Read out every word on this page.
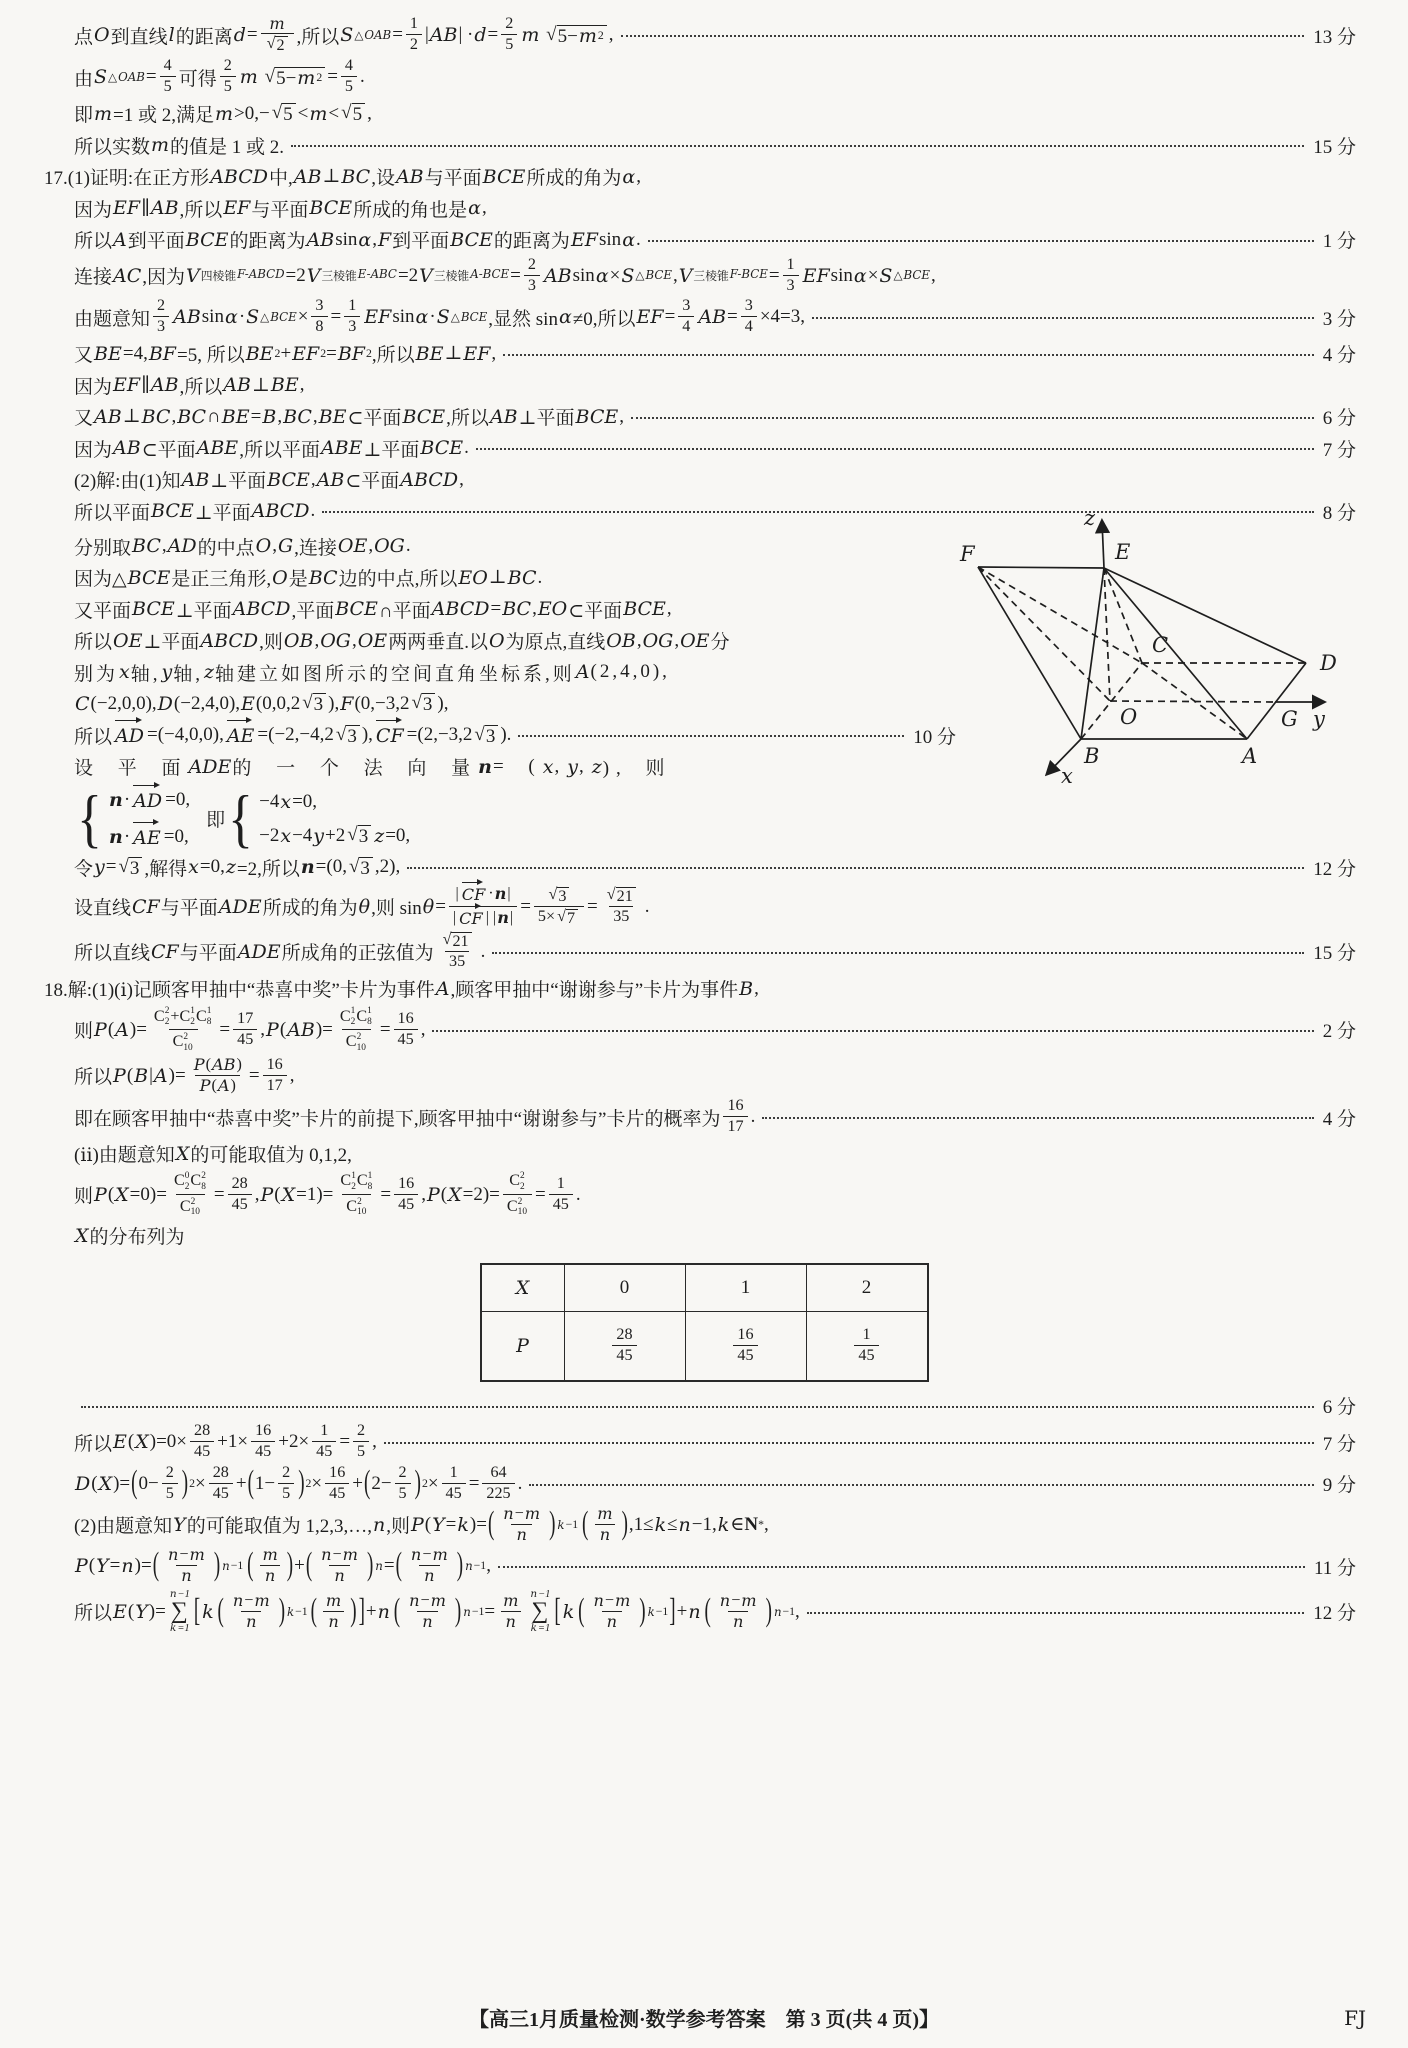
点 O 到直线 l 的距离 $d = \frac{m}{√ 2}$ ,所以 S △ OAB = $\frac{1}{2}$ | AB | · $d = \frac{2}{5}$ m √ 5− m 2 ,	13 分
由 S △ OAB = $\frac{4}{5}$ 可得 $\frac{2}{5}$ m √ 5− m $2 = \frac{4}{5}$ .
即 m =1 或 2,满足 m >0,− √ 5 < m < √ 5 ,
所以实数 m 的值是 1 或 2.	15 分
17.(1)证明:在正方形 ABCD 中, AB ⊥ BC ,设 AB 与平面 BCE 所成的角为 α ,
因为 EF ∥ AB ,所以 EF 与平面 BCE 所成的角也是 α ,
所以 A 到平面 BCE 的距离为 AB sin α , F 到平面 BCE 的距离为 EF sin α .	1 分
连接 AC ,因为 V 四棱锥 F-ABCD =2 V 三棱锥 E-ABC =2 V 三棱锥 $A-BCE = \frac{2}{3}$ AB sin α × S △ BCE , V 三棱锥 $F-BCE = \frac{1}{3}$ EF sin α × S △ BCE ,
由题意知 $\frac{2}{3}$ AB sin α · S △ BCE × $\frac{3}{8} = \frac{1}{3}$ EF sin α · S △ BCE ,显然 sin α ≠0,所以 EF = $\frac{3}{4}$ AB = $\frac{3}{4} \times 4=3$,	3 分
又 BE =4, BF =5, 所以 BE 2 + EF 2 = BF 2 ,所以 BE ⊥ EF ,	4 分
因为 EF ∥ AB ,所以 AB ⊥ BE ,
又 AB ⊥ BC , BC ∩ BE = B , BC , BE ⊂平面 BCE ,所以 AB ⊥平面 BCE ,	6 分
因为 AB ⊂平面 ABE ,所以平面 ABE ⊥平面 BCE .	7 分
(2)解:由(1)知 AB ⊥平面 BCE , AB ⊂平面 ABCD ,
所以平面 BCE ⊥平面 ABCD .	8 分
z
E
F
C
D
O	G y
B	A
x
分别取 BC , AD 的中点 O , G ,连接 OE , OG .
因为△ BCE 是正三角形, O 是 BC 边的中点,所以 EO ⊥ BC .
又平面 BCE ⊥平面 ABCD ,平面 BCE ∩平面 ABCD = BC , EO ⊂平面 BCE ,
所以 OE ⊥平面 ABCD ,则 OB , OG , OE 两两垂直.以 O 为原点,直线 OB , OG , OE 分
别为 x 轴, y 轴, z 轴建立如图所示的空间直角坐标系,则 A (2,4,0),
C (−2,0,0), D (−2,4,0), E (0,0,2 √ 3 ), F (0,−3,2 √ 3 ),
所以 AD =(−4,0,0), AE =(−2,−4,2 √ 3 ), CF =(2,−3,2 √ 3 ).	10 分
设 平 面 ADE 的 一 个 法 向 量 n = ( x , y , z ), 则
{ n · AD =0,
n · AE =0,
即 { −4 x =0,
−2 x −4 y +2 √ 3 z =0,
令 y = √ 3 ,解得 x =0, z =2,所以 n =(0, √ 3 ,2),	12 分
设直线 CF 与平面 ADE 所成的角为 θ ,则 $\sin \theta = \frac{| CF \cdot n |}{| CF | | n |} = \frac{√ 3}{5\times √ 7} = \frac{√ 21}{35}$ .
所以直线 CF 与平面 ADE 所成角的正弦值为 $\frac{√ 21}{35}$ .	15 分
18.解:(1)(ⅰ)记顾客甲抽中“恭喜中奖”卡片为事件 A ,顾客甲抽中“谢谢参与”卡片为事件 B ,
则 P ( A )= C 2
2 +C 1
2 C 1
8
C 2
$10 = \frac{17}{45}$ , P ( AB )= C 1
2 C 1
8
C 2
$10 = \frac{16}{45}$ ,	2 分
所以 P ( B | A )= $\frac{P ( AB )}{P ( A )} = \frac{16}{17}$ ,
即在顾客甲抽中“恭喜中奖”卡片的前提下,顾客甲抽中“谢谢参与”卡片的概率为 $\frac{16}{17}$ .	4 分
(ⅱ)由题意知 X 的可能取值为 0,1,2,
则 P ( X =0)= C 0
2 C 2
8
C 2
$10 = \frac{28}{45}$ , P ( X =1)= C 1
2 C 1
8
C 2
$10 = \frac{16}{45}$ , P ( X =2)= C 2
2
C 2
$10 = \frac{1}{45}$ .
X 的分布列为
X	0	1	2
P	$\frac{28}{45}$	$\frac{16}{45}$	$\frac{1}{45}$
6 分
所以 E ( X )$=0\times \frac{28}{45} +1\times \frac{16}{45} +2\times \frac{1}{45} = \frac{2}{5}$ ,	7 分
D ( X )= ( $0- \frac{2}{5}$ ) $2 \times \frac{28}{45}$ + ( $1- \frac{2}{5}$ ) $2 \times \frac{16}{45}$ + ( $2- \frac{2}{5}$ ) $2 \times \frac{1}{45} = \frac{64}{225}$ .	9 分
(2)由题意知 Y 的可能取值为 1,2,3,…, n ,则 P ( Y = k )= ( $\frac{n - m}{n}$ ) k −1 ( $\frac{m}{n}$ ) ,1≤ k ≤ n −1, k ∈ N * ,
P ( Y = n )= ( $\frac{n - m}{n}$ ) n −1 ( $\frac{m}{n}$ ) + ( $\frac{n - m}{n}$ ) n = ( $\frac{n - m}{n}$ ) n −1 ,	11 分
所以 E ( Y )=
n−1
∑
k=1 [ k ( $\frac{n - m}{n}$ ) k −1 ( $\frac{m}{n}$ ) ] + n ( $\frac{n - m}{n}$ ) $n -1 = \frac{m}{n} n-1$
∑
k=1 [ k ( $\frac{n - m}{n}$ ) k −1 ] + n ( $\frac{n - m}{n}$ ) n −1 ,	12 分
【高三1月质量检测·数学参考答案　第 3 页(共 4 页)】	FJ
